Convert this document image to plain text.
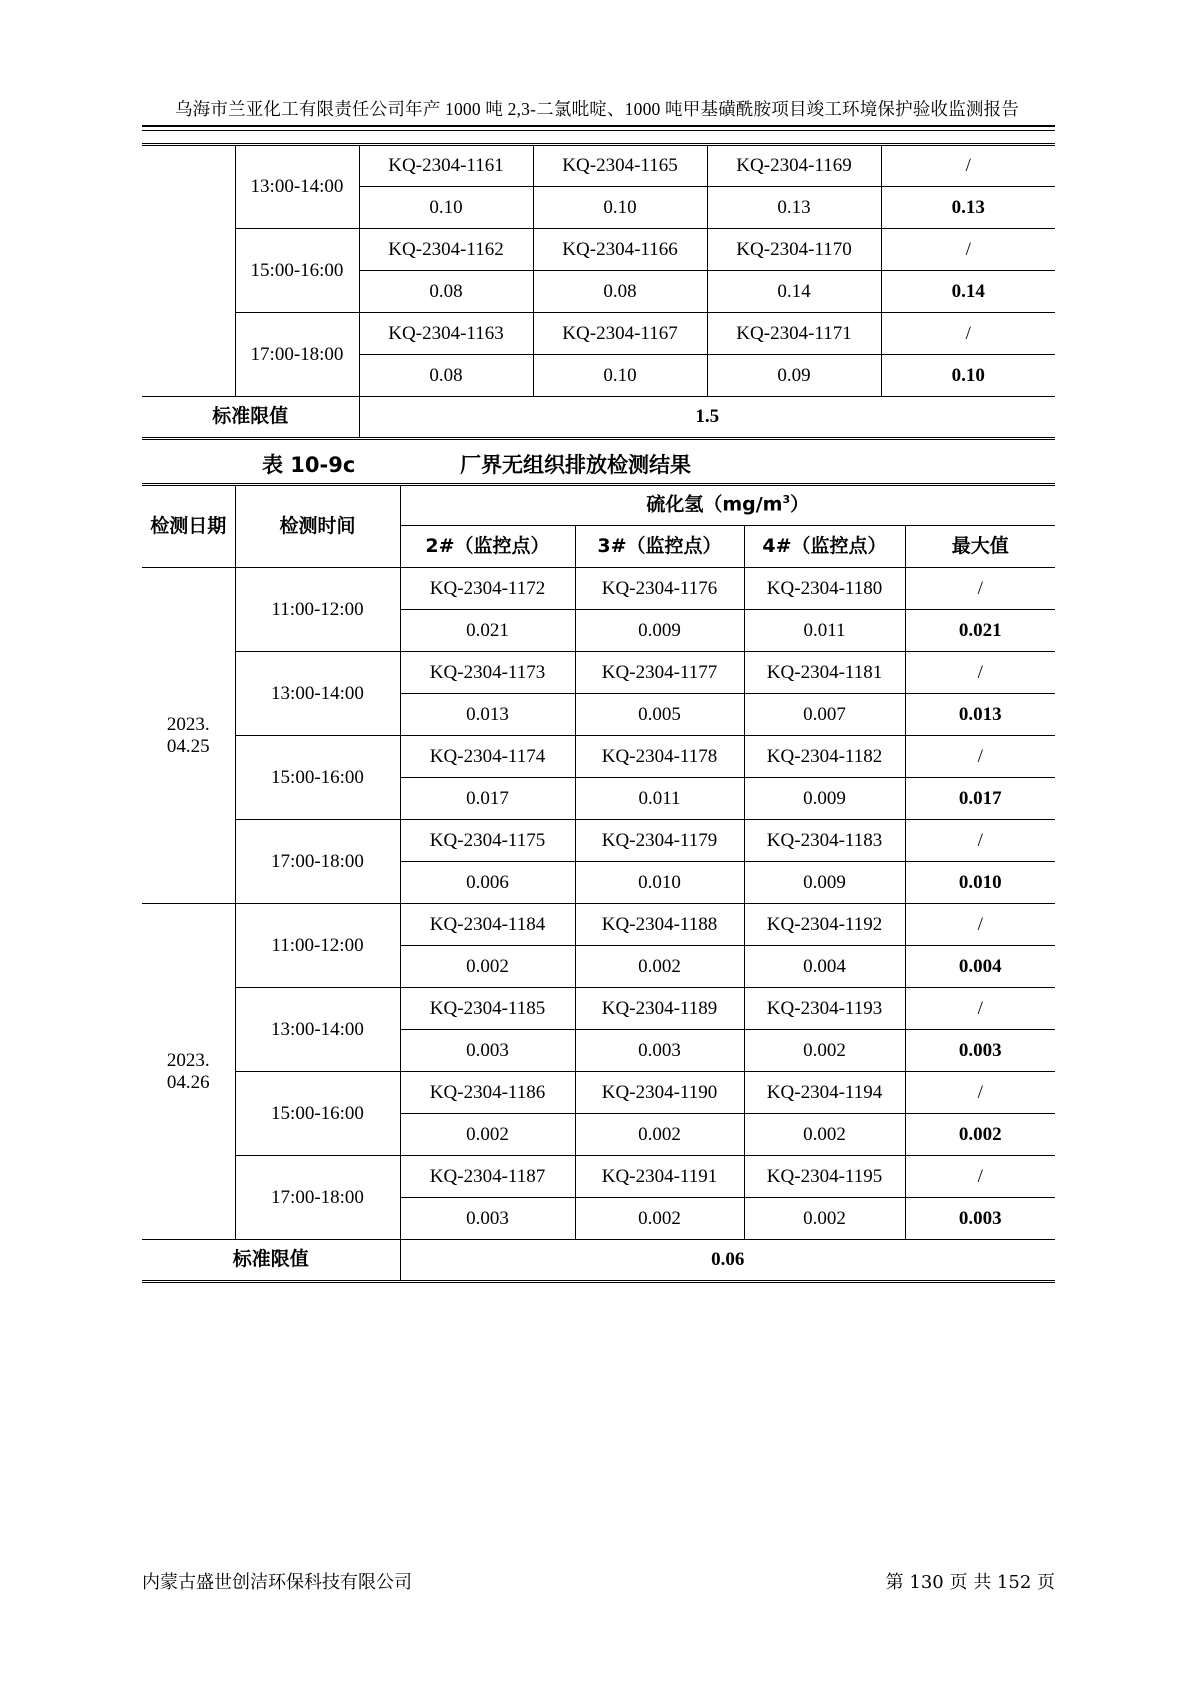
乌海市兰亚化工有限责任公司年产 1000 吨 2,3-二氯吡啶、1000 吨甲基磺酰胺项目竣工环境保护验收监测报告
	13:00-14:00	KQ-2304-1161	KQ-2304-1165	KQ-2304-1169	/
		0.10	0.10	0.13	0.13
	15:00-16:00	KQ-2304-1162	KQ-2304-1166	KQ-2304-1170	/
		0.08	0.08	0.14	0.14
	17:00-18:00	KQ-2304-1163	KQ-2304-1167	KQ-2304-1171	/
		0.08	0.10	0.09	0.10
标准限值		1.5			
表 10-9c	厂界无组织排放检测结果
检测日期	检测时间	硫化氢$(mg/m^3)$			
		2#（监控点）	3#（监控点）	4#（监控点）	最大值
2023.
04.25	11:00-12:00	KQ-2304-1172	KQ-2304-1176	KQ-2304-1180	/
		0.021	0.009	0.011	0.021
	13:00-14:00	KQ-2304-1173	KQ-2304-1177	KQ-2304-1181	/
		0.013	0.005	0.007	0.013
	15:00-16:00	KQ-2304-1174	KQ-2304-1178	KQ-2304-1182	/
		0.017	0.011	0.009	0.017
	17:00-18:00	KQ-2304-1175	KQ-2304-1179	KQ-2304-1183	/
		0.006	0.010	0.009	0.010
2023.
04.26	11:00-12:00	KQ-2304-1184	KQ-2304-1188	KQ-2304-1192	/
		0.002	0.002	0.004	0.004
	13:00-14:00	KQ-2304-1185	KQ-2304-1189	KQ-2304-1193	/
		0.003	0.003	0.002	0.003
	15:00-16:00	KQ-2304-1186	KQ-2304-1190	KQ-2304-1194	/
		0.002	0.002	0.002	0.002
	17:00-18:00	KQ-2304-1187	KQ-2304-1191	KQ-2304-1195	/
		0.003	0.002	0.002	0.003
标准限值		0.06			
内蒙古盛世创洁环保科技有限公司	第 130 页 共 152 页
